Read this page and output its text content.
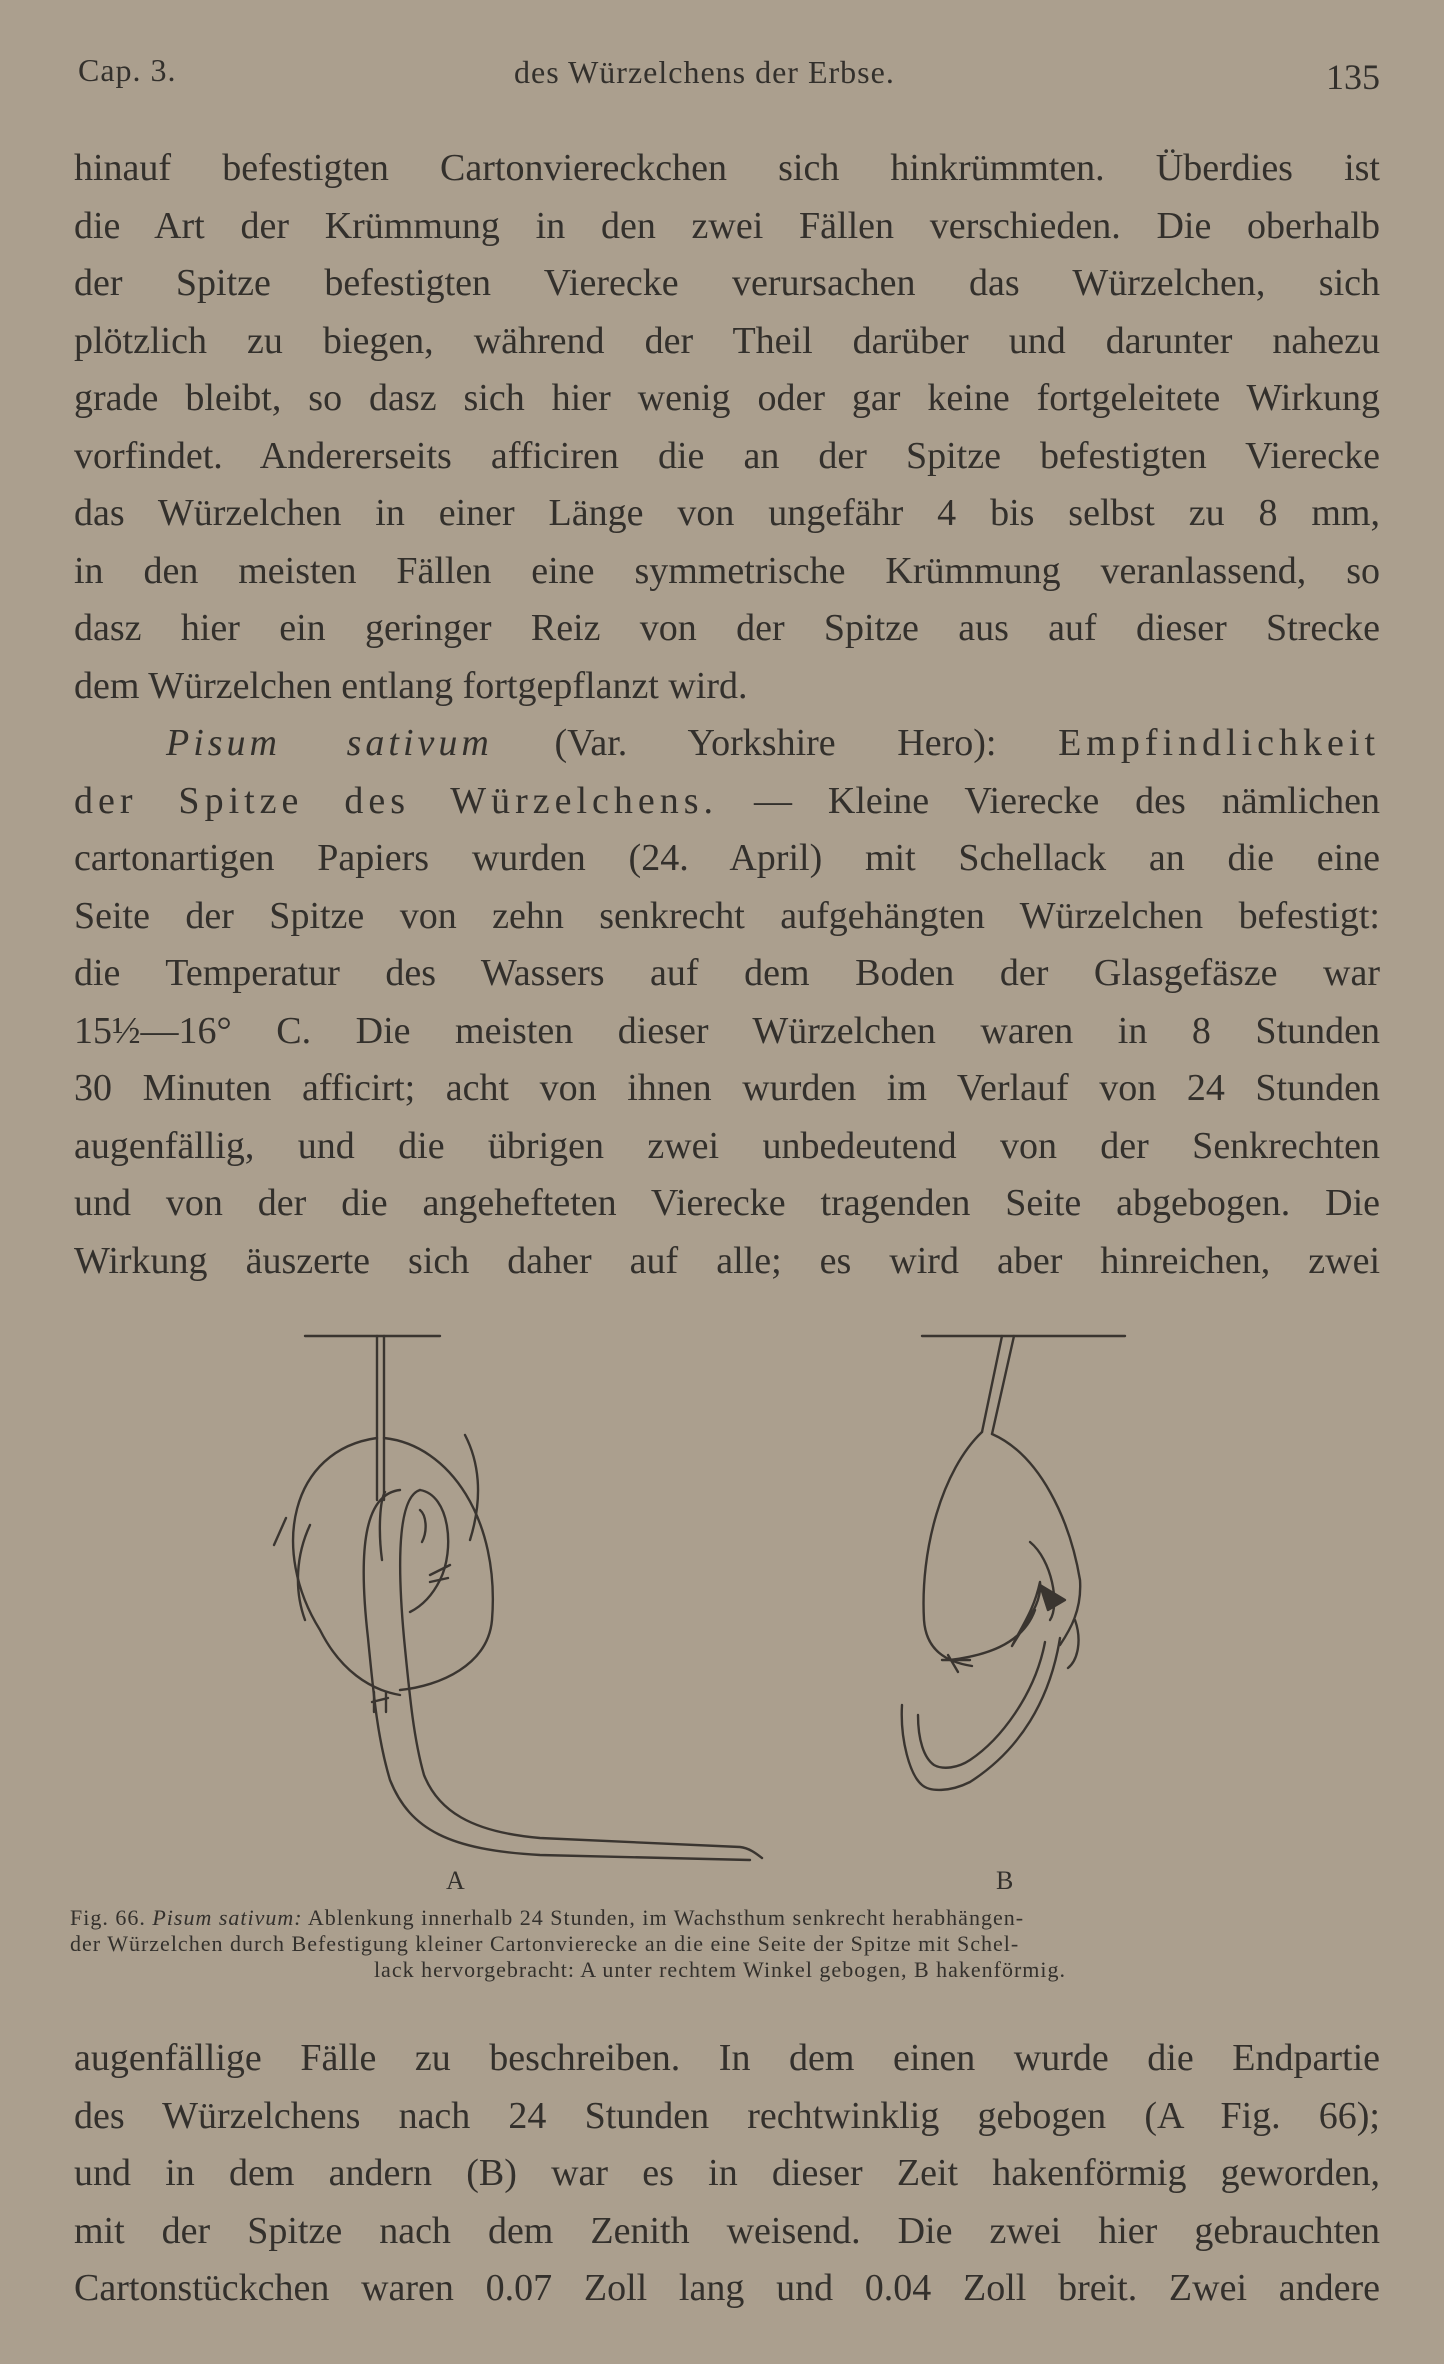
Cap. 3.	des Würzelchens der Erbse.	135
hinauf befestigten Cartonviereckchen sich hinkrümmten. Überdies ist
die Art der Krümmung in den zwei Fällen verschieden. Die oberhalb
der Spitze befestigten Vierecke verursachen das Würzelchen, sich
plötzlich zu biegen, während der Theil darüber und darunter nahezu
grade bleibt, so dasz sich hier wenig oder gar keine fortgeleitete Wirkung
vorfindet. Andererseits afficiren die an der Spitze befestigten Vierecke
das Würzelchen in einer Länge von ungefähr 4 bis selbst zu 8 mm,
in den meisten Fällen eine symmetrische Krümmung veranlassend, so
dasz hier ein geringer Reiz von der Spitze aus auf dieser Strecke
dem Würzelchen entlang fortgepflanzt wird.
Pisum sativum (Var. Yorkshire Hero): Empfindlichkeit
der Spitze des Würzelchens. — Kleine Vierecke des nämlichen
cartonartigen Papiers wurden (24. April) mit Schellack an die eine
Seite der Spitze von zehn senkrecht aufgehängten Würzelchen befestigt:
die Temperatur des Wassers auf dem Boden der Glasgefäsze war
15½—16° C. Die meisten dieser Würzelchen waren in 8 Stunden
30 Minuten afficirt; acht von ihnen wurden im Verlauf von 24 Stunden
augenfällig, und die übrigen zwei unbedeutend von der Senkrechten
und von der die angehefteten Vierecke tragenden Seite abgebogen. Die
Wirkung äuszerte sich daher auf alle; es wird aber hinreichen, zwei
A	B
Fig. 66. Pisum sativum: Ablenkung innerhalb 24 Stunden, im Wachsthum senkrecht herabhängen-
der Würzelchen durch Befestigung kleiner Cartonvierecke an die eine Seite der Spitze mit Schel-
lack hervorgebracht: A unter rechtem Winkel gebogen, B hakenförmig.
augenfällige Fälle zu beschreiben. In dem einen wurde die Endpartie
des Würzelchens nach 24 Stunden rechtwinklig gebogen (A Fig. 66);
und in dem andern (B) war es in dieser Zeit hakenförmig geworden,
mit der Spitze nach dem Zenith weisend. Die zwei hier gebrauchten
Cartonstückchen waren 0.07 Zoll lang und 0.04 Zoll breit. Zwei andere
